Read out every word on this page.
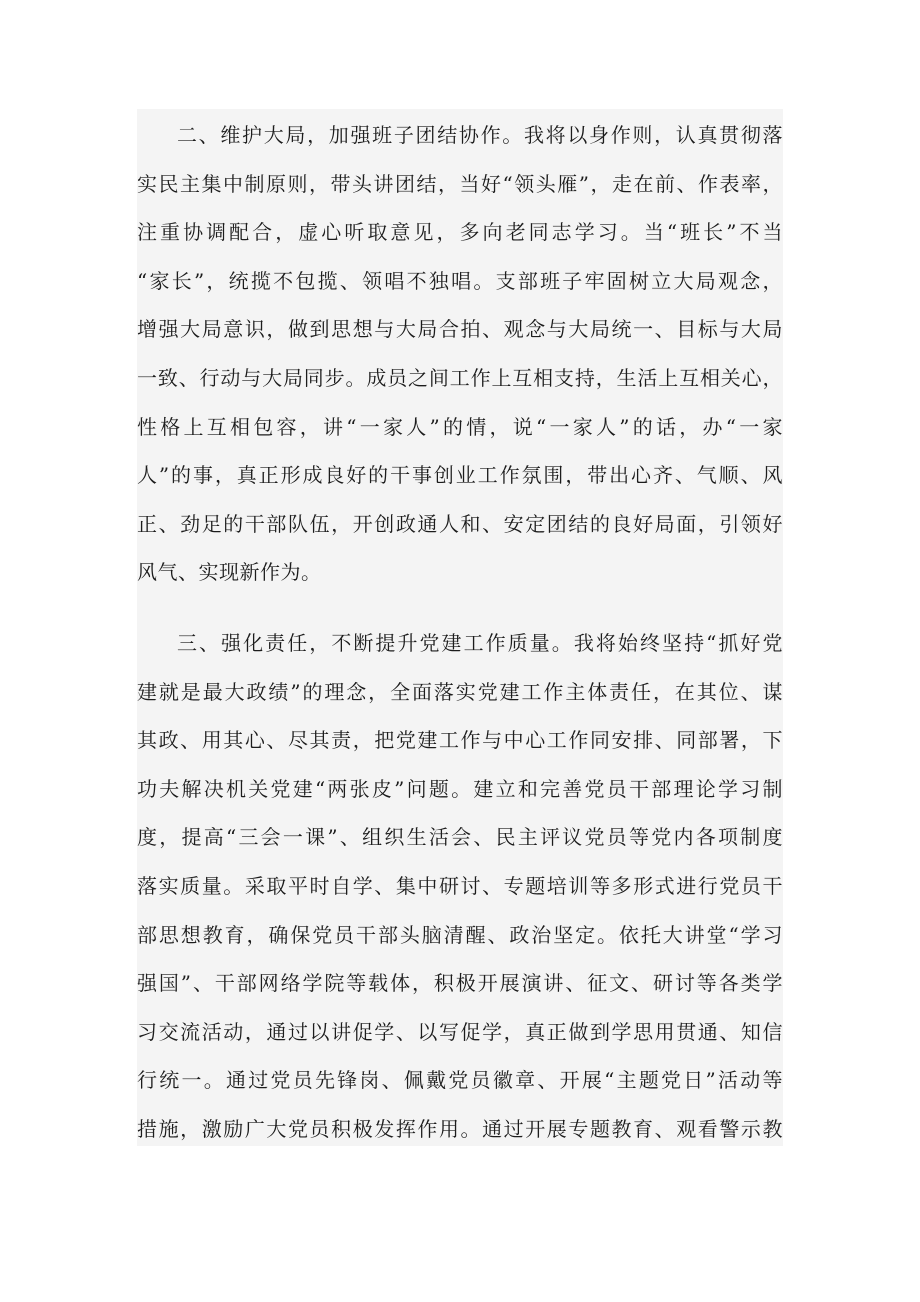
二、维护大局，加强班子团结协作。我将以身作则，认真贯彻落
实民主集中制原则，带头讲团结，当好“领头雁”，走在前、作表率，
注重协调配合，虚心听取意见，多向老同志学习。当“班长”不当
“家长”，统揽不包揽、领唱不独唱。支部班子牢固树立大局观念，
增强大局意识，做到思想与大局合拍、观念与大局统一、目标与大局
一致、行动与大局同步。成员之间工作上互相支持，生活上互相关心，
性格上互相包容，讲“一家人”的情，说“一家人”的话，办“一家
人”的事，真正形成良好的干事创业工作氛围，带出心齐、气顺、风
正、劲足的干部队伍，开创政通人和、安定团结的良好局面，引领好
风气、实现新作为。
三、强化责任，不断提升党建工作质量。我将始终坚持“抓好党
建就是最大政绩”的理念，全面落实党建工作主体责任，在其位、谋
其政、用其心、尽其责，把党建工作与中心工作同安排、同部署，下
功夫解决机关党建“两张皮”问题。建立和完善党员干部理论学习制
度，提高“三会一课”、组织生活会、民主评议党员等党内各项制度
落实质量。采取平时自学、集中研讨、专题培训等多形式进行党员干
部思想教育，确保党员干部头脑清醒、政治坚定。依托大讲堂“学习
强国”、干部网络学院等载体，积极开展演讲、征文、研讨等各类学
习交流活动，通过以讲促学、以写促学，真正做到学思用贯通、知信
行统一。通过党员先锋岗、佩戴党员徽章、开展“主题党日”活动等
措施，激励广大党员积极发挥作用。通过开展专题教育、观看警示教
